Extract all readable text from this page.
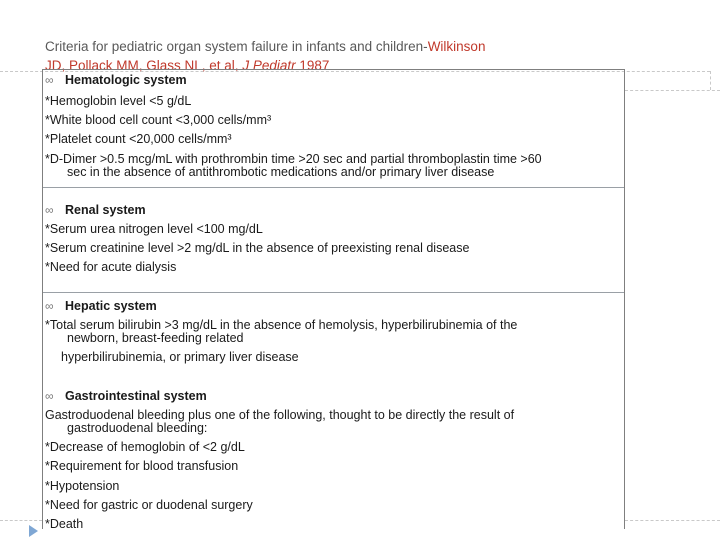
Criteria for pediatric organ system failure in infants and children-Wilkinson
JD, Pollack MM, Glass NL, et al, J Pediatr 1987
∞ Hematologic system
*Hemoglobin level <5 g/dL
*White blood cell count <3,000 cells/mm³
*Platelet count <20,000 cells/mm³
*D-Dimer >0.5 mcg/mL with prothrombin time >20 sec and partial thromboplastin time >60
sec in the absence of antithrombotic medications and/or primary liver disease
∞ Renal system
*Serum urea nitrogen level <100 mg/dL
*Serum creatinine level >2 mg/dL in the absence of preexisting renal disease
*Need for acute dialysis
∞ Hepatic system
*Total serum bilirubin >3 mg/dL in the absence of hemolysis, hyperbilirubinemia of the
newborn, breast-feeding related
hyperbilirubinemia, or primary liver disease
∞ Gastrointestinal system
Gastroduodenal bleeding plus one of the following, thought to be directly the result of
gastroduodenal bleeding:
*Decrease of hemoglobin of <2 g/dL
*Requirement for blood transfusion
*Hypotension
*Need for gastric or duodenal surgery
*Death
